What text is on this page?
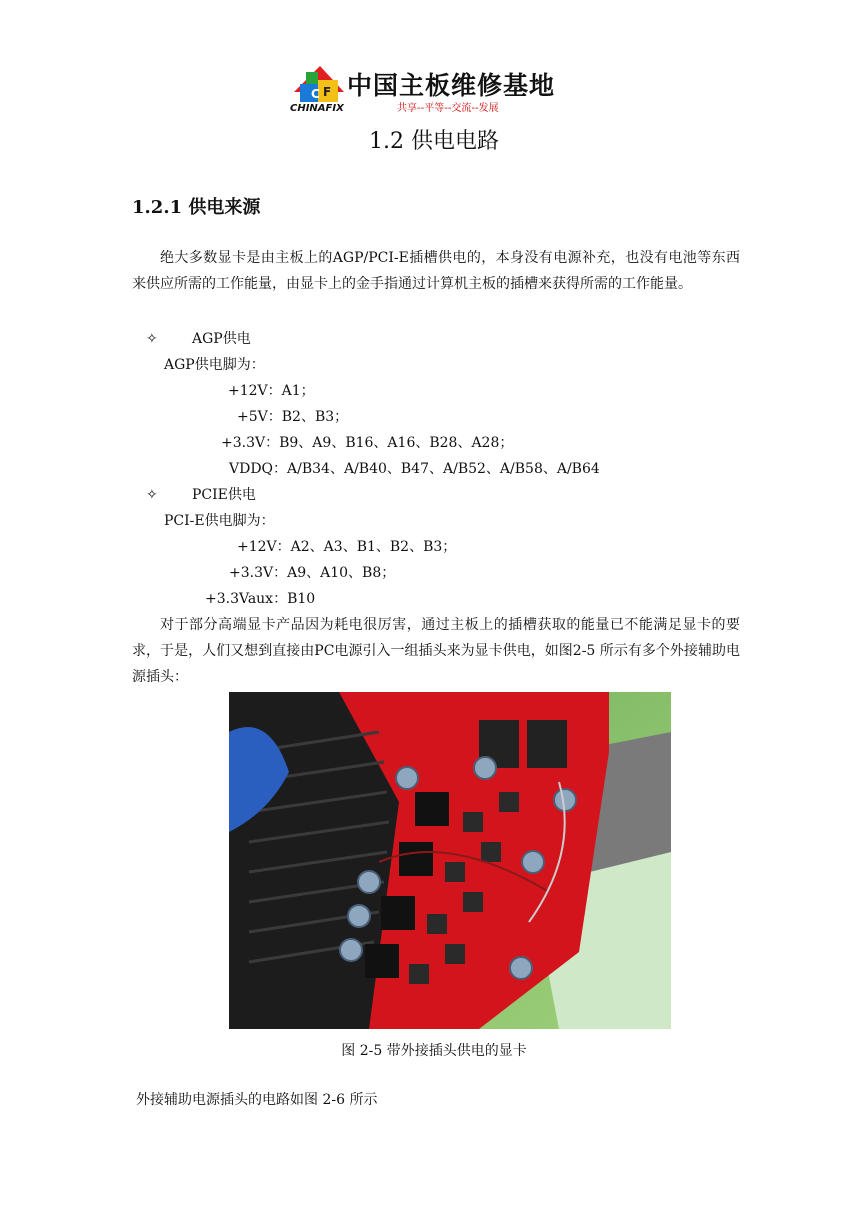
C F
CHINAFIX
中国主板维修基地
共享--平等--交流--发展
1.2 供电电路
1.2.1 供电来源
绝大多数显卡是由主板上的AGP/PCI-E插槽供电的，本身没有电源补充，也没有电池等东西来供应所需的工作能量，由显卡上的金手指通过计算机主板的插槽来获得所需的工作能量。
✧ AGP供电
AGP供电脚为：
+12V：A1；
+5V：B2、B3；
+3.3V：B9、A9、B16、A16、B28、A28；
VDDQ：A/B34、A/B40、B47、A/B52、A/B58、A/B64
✧ PCIE供电
PCI-E供电脚为：
+12V：A2、A3、B1、B2、B3；
+3.3V：A9、A10、B8；
+3.3Vaux：B10
对于部分高端显卡产品因为耗电很厉害，通过主板上的插槽获取的能量已不能满足显卡的要求，于是，人们又想到直接由PC电源引入一组插头来为显卡供电，如图2-5 所示有多个外接辅助电源插头：
图 2-5 带外接插头供电的显卡
外接辅助电源插头的电路如图 2-6 所示
